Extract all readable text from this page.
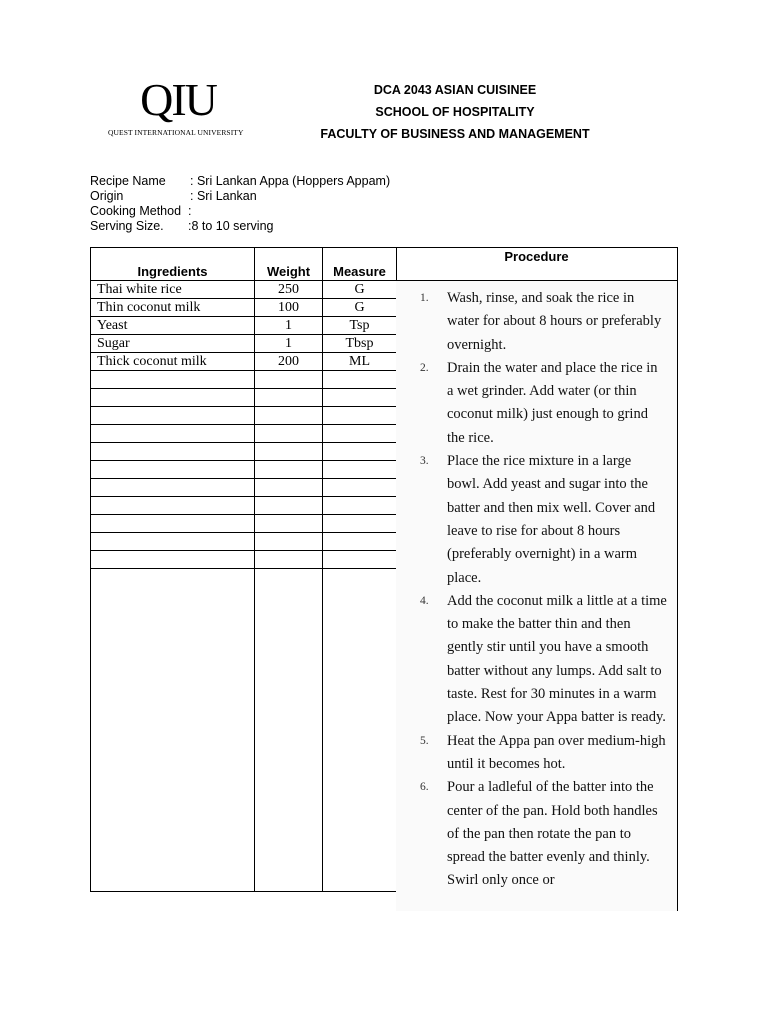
QIU
QUEST INTERNATIONAL UNIVERSITY
DCA 2043 ASIAN CUISINEE
SCHOOL OF HOSPITALITY
FACULTY OF BUSINESS AND MANAGEMENT
Recipe Name : Sri Lankan Appa (Hoppers Appam)
Origin	: Sri Lankan
Cooking Method :
Serving Size. :8 to 10 serving
Ingredients	Weight	Measure
Thai white rice	250	G
Thin coconut milk	100	G
Yeast	1	Tsp
Sugar	1	Tbsp
Thick coconut milk	200	ML

Procedure
1. Wash, rinse, and soak the rice in water for about 8 hours or preferably overnight.
2. Drain the water and place the rice in a wet grinder. Add water (or thin coconut milk) just enough to grind the rice.
3. Place the rice mixture in a large bowl. Add yeast and sugar into the batter and then mix well. Cover and leave to rise for about 8 hours (preferably overnight) in a warm place.
4. Add the coconut milk a little at a time to make the batter thin and then gently stir until you have a smooth batter without any lumps. Add salt to taste. Rest for 30 minutes in a warm place. Now your Appa batter is ready.
5. Heat the Appa pan over medium-high until it becomes hot.
6. Pour a ladleful of the batter into the center of the pan. Hold both handles of the pan then rotate the pan to spread the batter evenly and thinly. Swirl only once or
